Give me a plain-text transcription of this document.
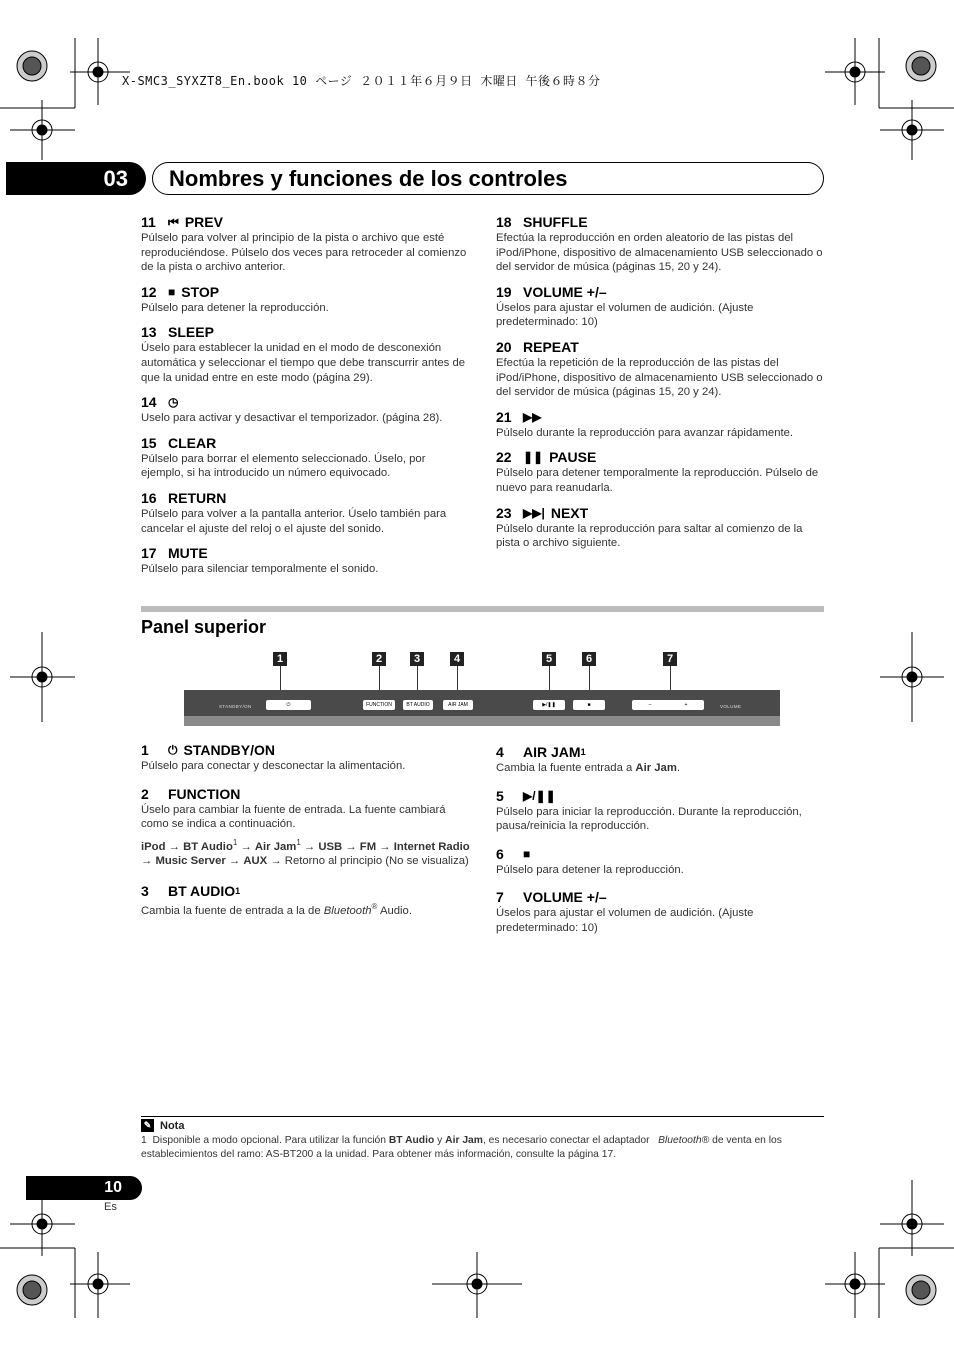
X-SMC3_SYXZT8_En.book 10 ページ ２０１１年６月９日 木曜日 午後６時８分
03	Nombres y funciones de los controles
11	⏮ PREV
Púlselo para volver al principio de la pista o archivo que esté reproduciéndose. Púlselo dos veces para retroceder al comienzo de la pista o archivo anterior.
12 ■ STOP
Púlselo para detener la reproducción.
13 SLEEP
Úselo para establecer la unidad en el modo de desconexión automática y seleccionar el tiempo que debe transcurrir antes de que la unidad entre en este modo (página 29).
14 ◷
Uselo para activar y desactivar el temporizador. (página 28).
15 CLEAR
Púlselo para borrar el elemento seleccionado. Úselo, por ejemplo, si ha introducido un número equivocado.
16 RETURN
Púlselo para volver a la pantalla anterior. Úselo también para cancelar el ajuste del reloj o el ajuste del sonido.
17 MUTE
Púlselo para silenciar temporalmente el sonido.
18 SHUFFLE
Efectúa la reproducción en orden aleatorio de las pistas del iPod/iPhone, dispositivo de almacenamiento USB seleccionado o del servidor de música (páginas 15, 20 y 24).
19 VOLUME +/–
Úselos para ajustar el volumen de audición. (Ajuste predeterminado: 10)
20 REPEAT
Efectúa la repetición de la reproducción de las pistas del iPod/iPhone, dispositivo de almacenamiento USB seleccionado o del servidor de música (páginas 15, 20 y 24).
21 ▶▶
Púlselo durante la reproducción para avanzar rápidamente.
22 ❚❚ PAUSE
Púlselo para detener temporalmente la reproducción. Púlselo de nuevo para reanudarla.
23 ▶▶| NEXT
Púlselo durante la reproducción para saltar al comienzo de la pista o archivo siguiente.
Panel superior
1	2	3	4	5	6	7
STANDBY/ON	⏻	FUNCTION	BT AUDIO	AIR JAM	▶/❚❚	■	–	+	VOLUME
1	⏻ STANDBY/ON
Púlselo para conectar y desconectar la alimentación.
2	FUNCTION
Úselo para cambiar la fuente de entrada. La fuente cambiará como se indica a continuación.
iPod → BT Audio$^1$ → Air Jam$^1$ → USB → FM → Internet Radio → Music Server → AUX → Retorno al principio (No se visualiza)
3	BT AUDIO 1
Cambia la fuente de entrada a la de Bluetooth® Audio.
4	AIR JAM 1
Cambia la fuente entrada a Air Jam.
5	▶/❚❚
Púlselo para iniciar la reproducción. Durante la reproducción, pausa/reinicia la reproducción.
6	■
Púlselo para detener la reproducción.
7	VOLUME +/–
Úselos para ajustar el volumen de audición. (Ajuste predeterminado: 10)
✎ Nota
1 Disponible a modo opcional. Para utilizar la función BT Audio y Air Jam, es necesario conectar el adaptador Bluetooth® de venta en los establecimientos del ramo: AS-BT200 a la unidad. Para obtener más información, consulte la página 17.
10
Es
